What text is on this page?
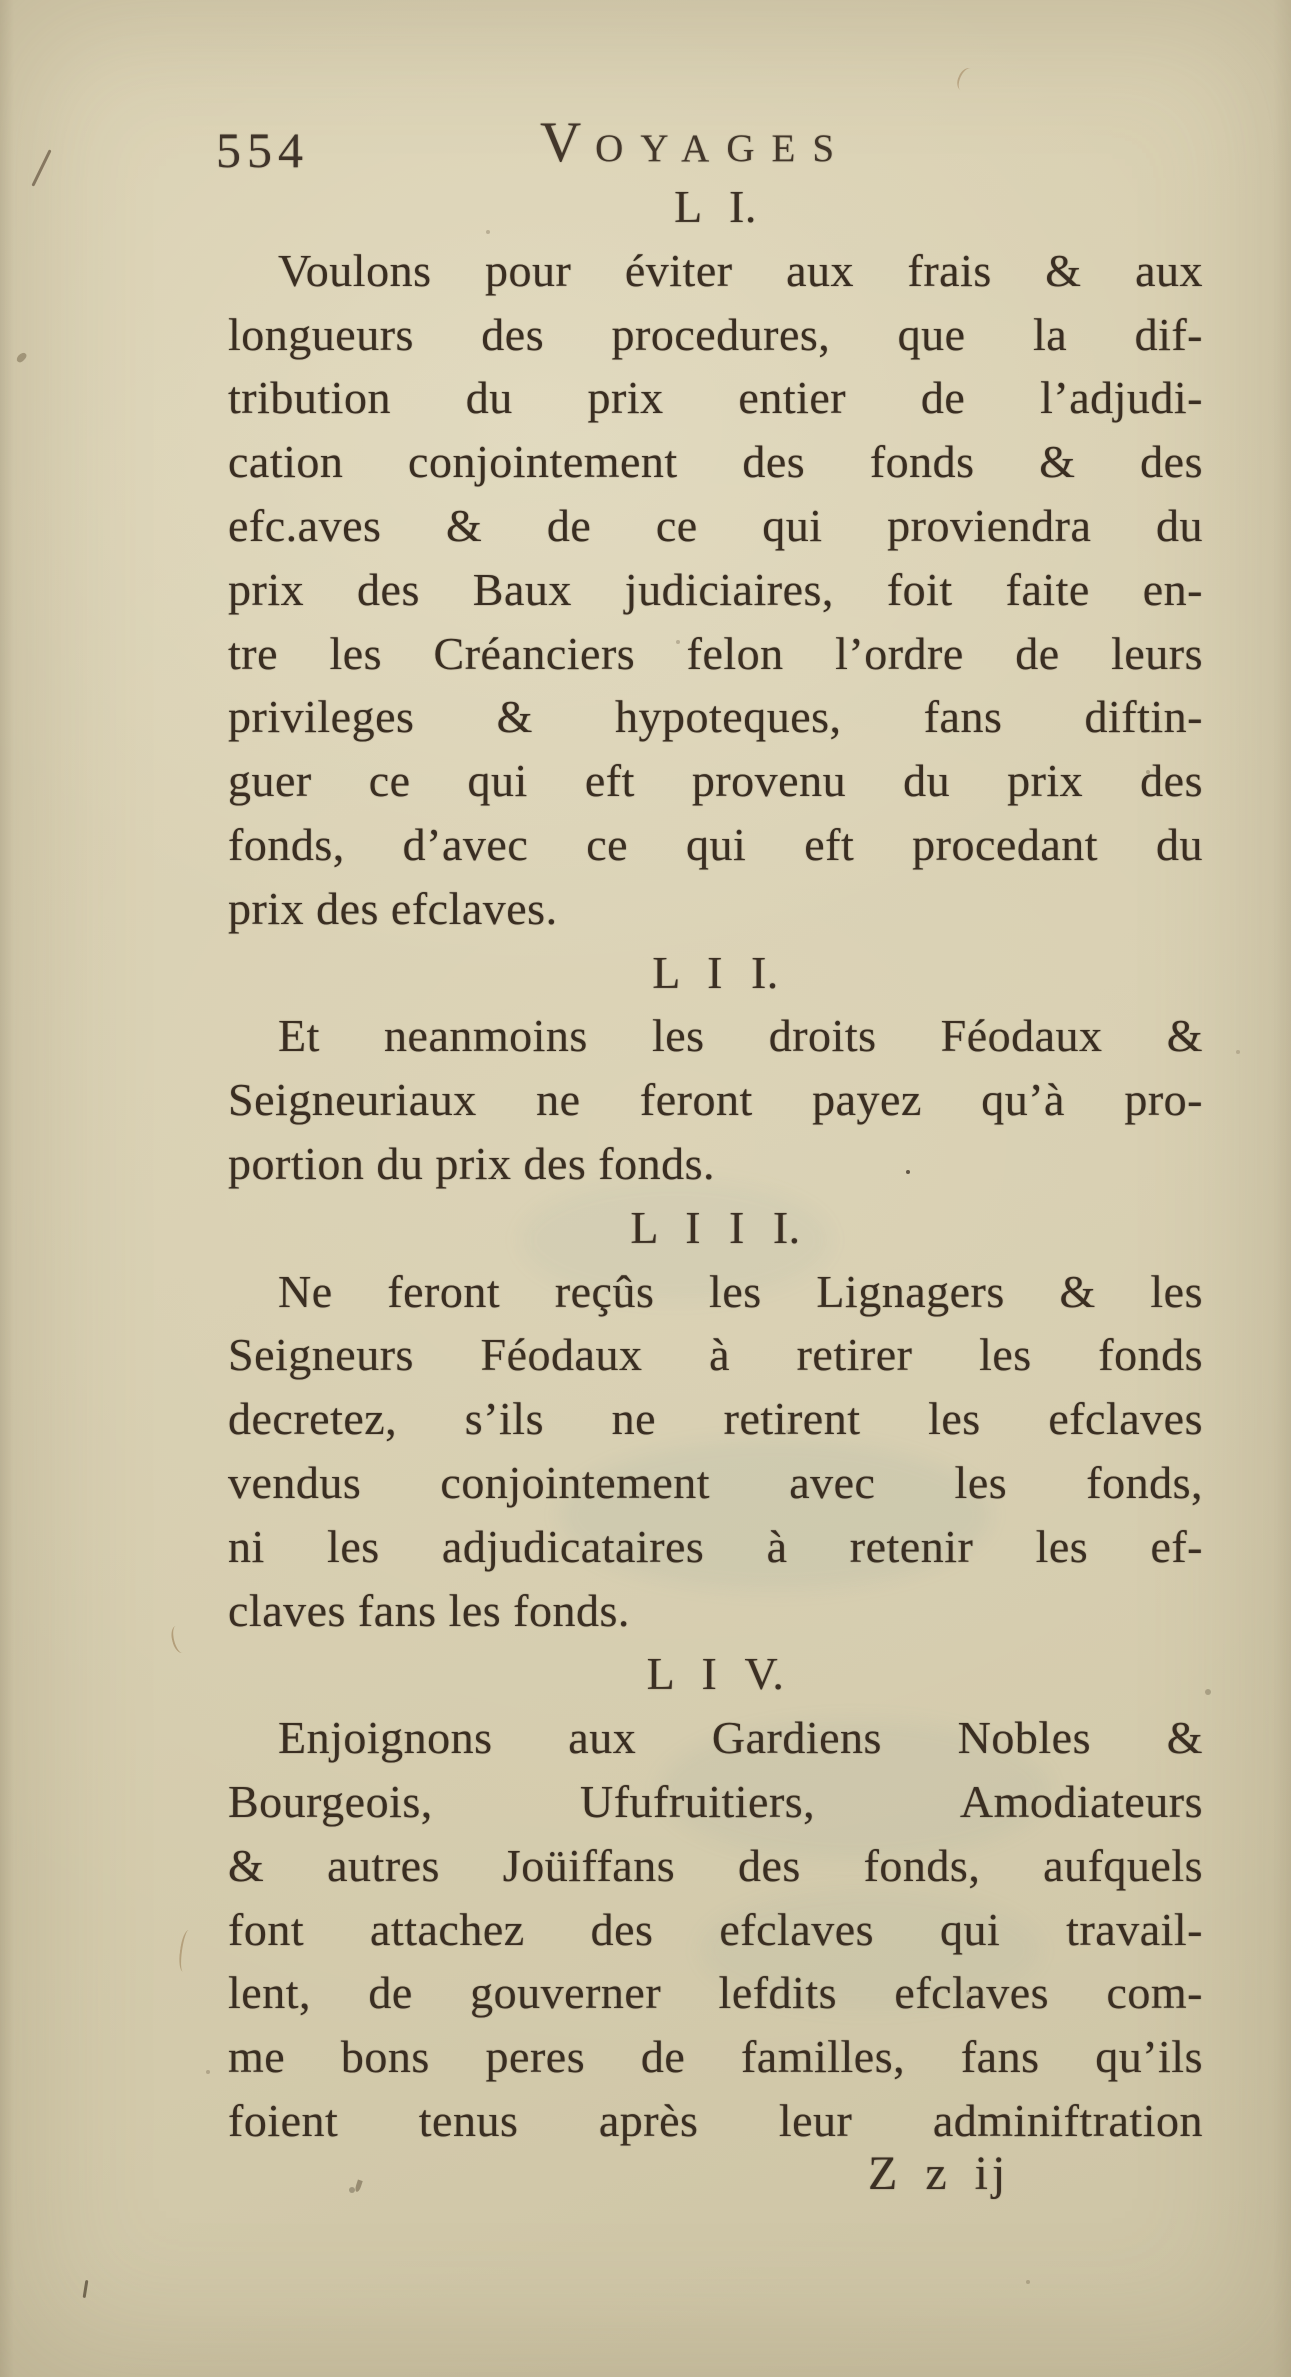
554	VOYAGES

L I.

Voulons pour éviter aux frais & aux

longueurs des procedures, que la dif-

tribution du prix entier de l’adjudi-

cation conjointement des fonds & des

efc.aves & de ce qui proviendra du

prix des Baux judiciaires, foit faite en-

tre les Créanciers felon l’ordre de leurs

privileges & hypoteques, fans diftin-

guer ce qui eft provenu du prix des

fonds, d’avec ce qui eft procedant du

prix des efclaves.

L I I.

Et neanmoins les droits Féodaux &

Seigneuriaux ne feront payez qu’à pro-

portion du prix des fonds.

L I I I.

Ne feront reçûs les Lignagers & les

Seigneurs Féodaux à retirer les fonds

decretez, s’ils ne retirent les efclaves

vendus conjointement avec les fonds,

ni les adjudicataires à retenir les ef-

claves fans les fonds.

L I V.

Enjoignons aux Gardiens Nobles &

Bourgeois, Ufufruitiers, Amodiateurs

& autres Joüiffans des fonds, aufquels

font attachez des efclaves qui travail-

lent, de gouverner lefdits efclaves com-

me bons peres de familles, fans qu’ils

foient tenus après leur adminiftration

Z z ij
